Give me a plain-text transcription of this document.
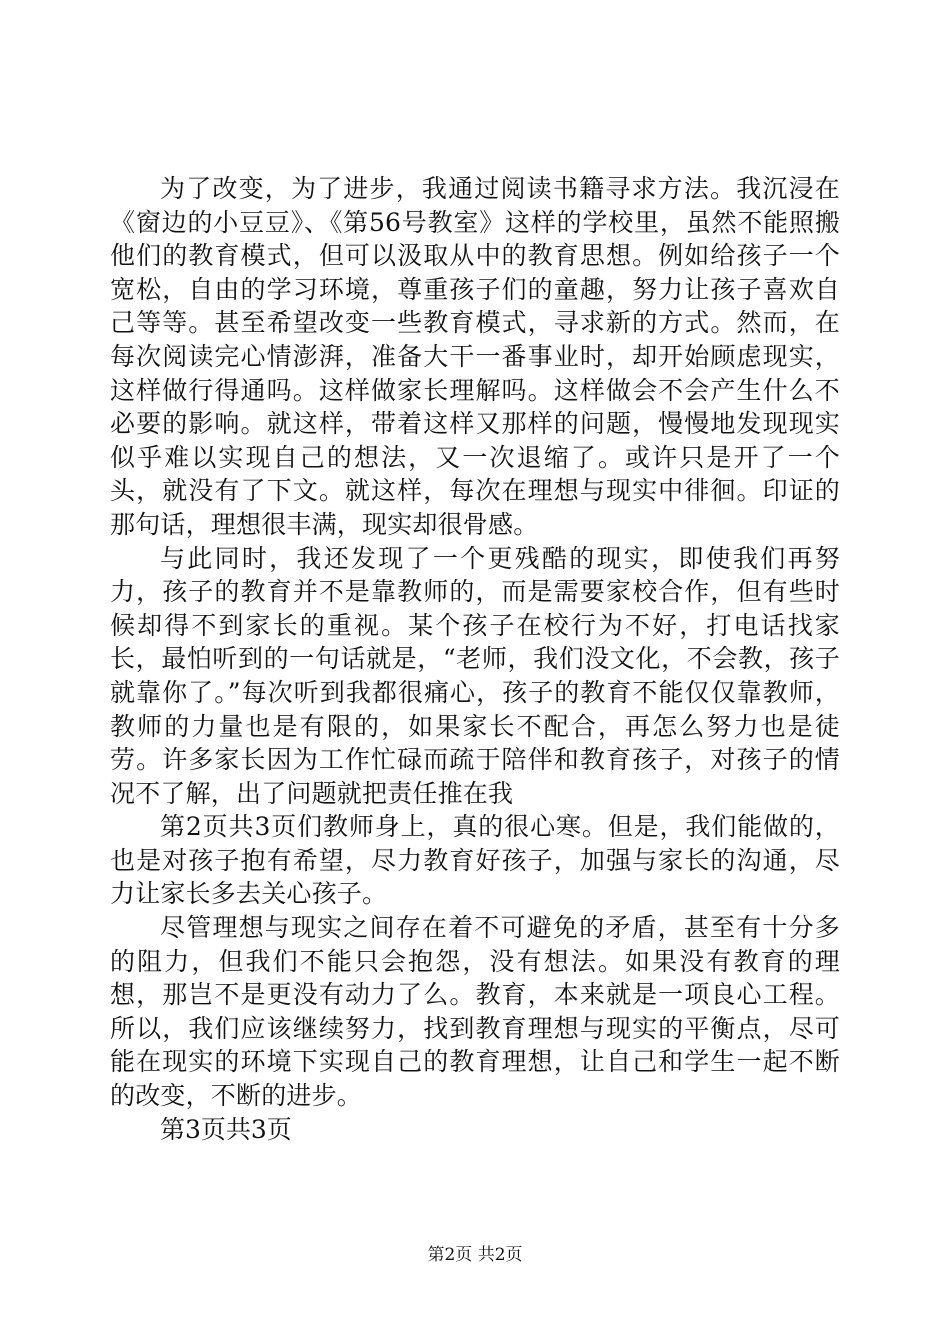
为了改变，为了进步，我通过阅读书籍寻求方法。我沉浸在《窗边的小豆豆》、《第56号教室》这样的学校里，虽然不能照搬他们的教育模式，但可以汲取从中的教育思想。例如给孩子一个宽松，自由的学习环境，尊重孩子们的童趣，努力让孩子喜欢自己等等。甚至希望改变一些教育模式，寻求新的方式。然而，在每次阅读完心情澎湃，准备大干一番事业时，却开始顾虑现实，这样做行得通吗。这样做家长理解吗。这样做会不会产生什么不必要的影响。就这样，带着这样又那样的问题，慢慢地发现现实似乎难以实现自己的想法，又一次退缩了。或许只是开了一个头，就没有了下文。就这样，每次在理想与现实中徘徊。印证的那句话，理想很丰满，现实却很骨感。

与此同时，我还发现了一个更残酷的现实，即使我们再努力，孩子的教育并不是靠教师的，而是需要家校合作，但有些时候却得不到家长的重视。某个孩子在校行为不好，打电话找家长，最怕听到的一句话就是，“老师，我们没文化，不会教，孩子就靠你了。”每次听到我都很痛心，孩子的教育不能仅仅靠教师，教师的力量也是有限的，如果家长不配合，再怎么努力也是徒劳。许多家长因为工作忙碌而疏于陪伴和教育孩子，对孩子的情况不了解，出了问题就把责任推在我

第2页共3页们教师身上，真的很心寒。但是，我们能做的，也是对孩子抱有希望，尽力教育好孩子，加强与家长的沟通，尽力让家长多去关心孩子。

尽管理想与现实之间存在着不可避免的矛盾，甚至有十分多的阻力，但我们不能只会抱怨，没有想法。如果没有教育的理想，那岂不是更没有动力了么。教育，本来就是一项良心工程。所以，我们应该继续努力，找到教育理想与现实的平衡点，尽可能在现实的环境下实现自己的教育理想，让自己和学生一起不断的改变，不断的进步。

第3页共3页

第2页 共2页
